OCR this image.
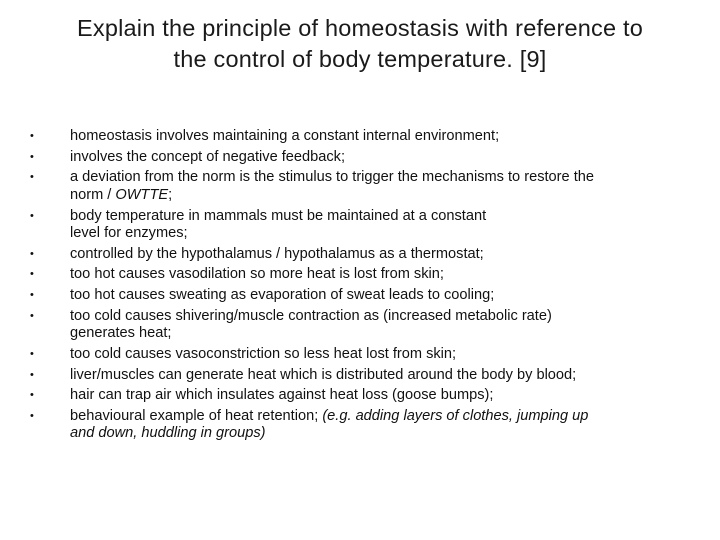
Explain the principle of homeostasis with reference to
the control of body temperature. [9]
•	homeostasis involves maintaining a constant internal environment;
•	involves the concept of negative feedback;
•	a deviation from the norm is the stimulus to trigger the mechanisms to restore the
norm / OWTTE;
•	body temperature in mammals must be maintained at a constant
level for enzymes;
•	controlled by the hypothalamus / hypothalamus as a thermostat;
•	too hot causes vasodilation so more heat is lost from skin;
•	too hot causes sweating as evaporation of sweat leads to cooling;
•	too cold causes shivering/muscle contraction as (increased metabolic rate)
generates heat;
•	too cold causes vasoconstriction so less heat lost from skin;
•	liver/muscles can generate heat which is distributed around the body by blood;
•	hair can trap air which insulates against heat loss (goose bumps);
•	behavioural example of heat retention; (e.g. adding layers of clothes, jumping up
and down, huddling in groups)
